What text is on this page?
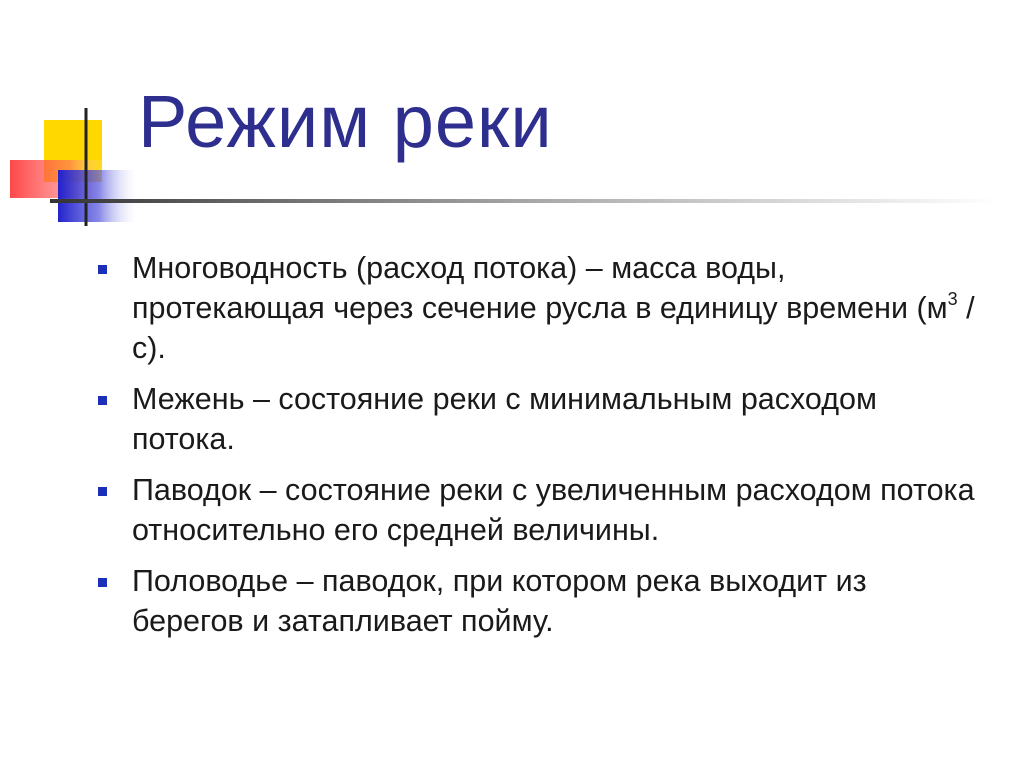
Режим реки
Многоводность (расход потока) – масса воды, протекающая через сечение русла в единицу времени ($м^3$ /с).
Межень – состояние реки с минимальным расходом потока.
Паводок – состояние реки с увеличенным расходом потока относительно его средней величины.
Половодье – паводок, при котором река выходит из берегов и затапливает пойму.
